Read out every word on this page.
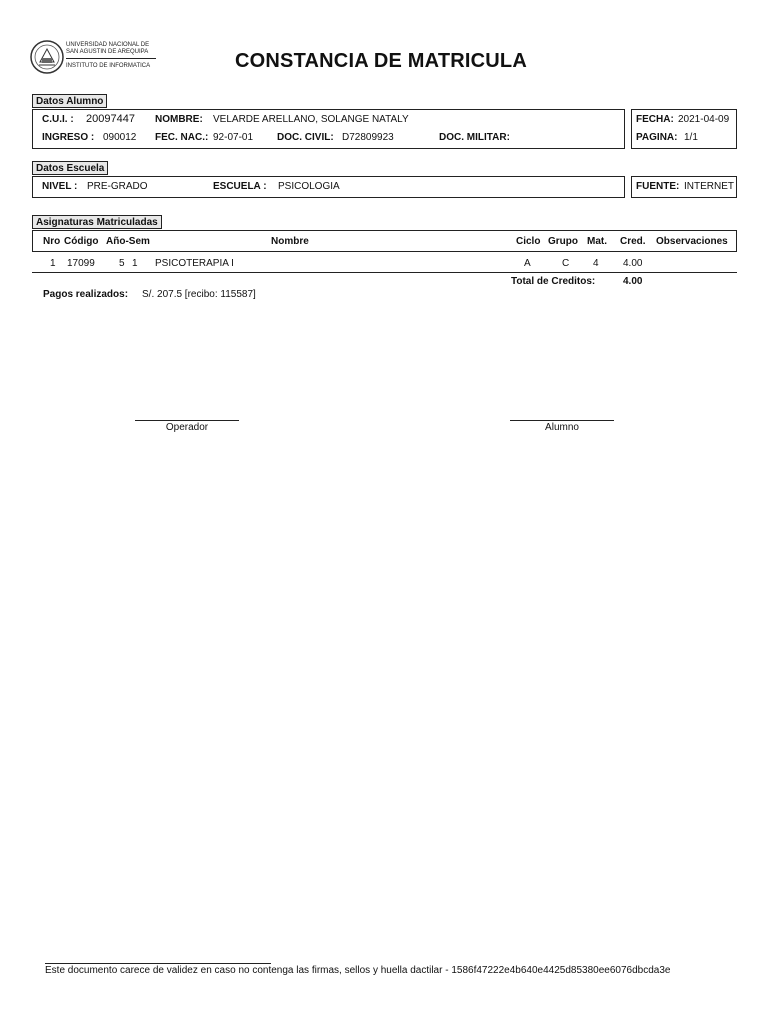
UNIVERSIDAD NACIONAL DE
SAN AGUSTIN DE AREQUIPA
INSTITUTO DE INFORMATICA	CONSTANCIA DE MATRICULA
Datos Alumno
C.U.I. : 20097447 NOMBRE: VELARDE ARELLANO, SOLANGE NATALY
INGRESO : 090012 FEC. NAC.: 92-07-01 DOC. CIVIL: D72809923	DOC. MILITAR:
FECHA: 2021-04-09
PAGINA: 1/1
Datos Escuela
NIVEL : PRE-GRADO	ESCUELA : PSICOLOGIA	FUENTE: INTERNET
Asignaturas Matriculadas
Nro Código Año-Sem	Nombre	Ciclo Grupo Mat. Cred. Observaciones
1 17099 5 1 PSICOTERAPIA I	A	C 4 4.00
Total de Creditos:	4.00
Pagos realizados: S/. 207.5 [recibo: 115587]
Operador	Alumno
Este documento carece de validez en caso no contenga las firmas, sellos y huella dactilar - 1586f47222e4b640e4425d85380ee6076dbcda3e
